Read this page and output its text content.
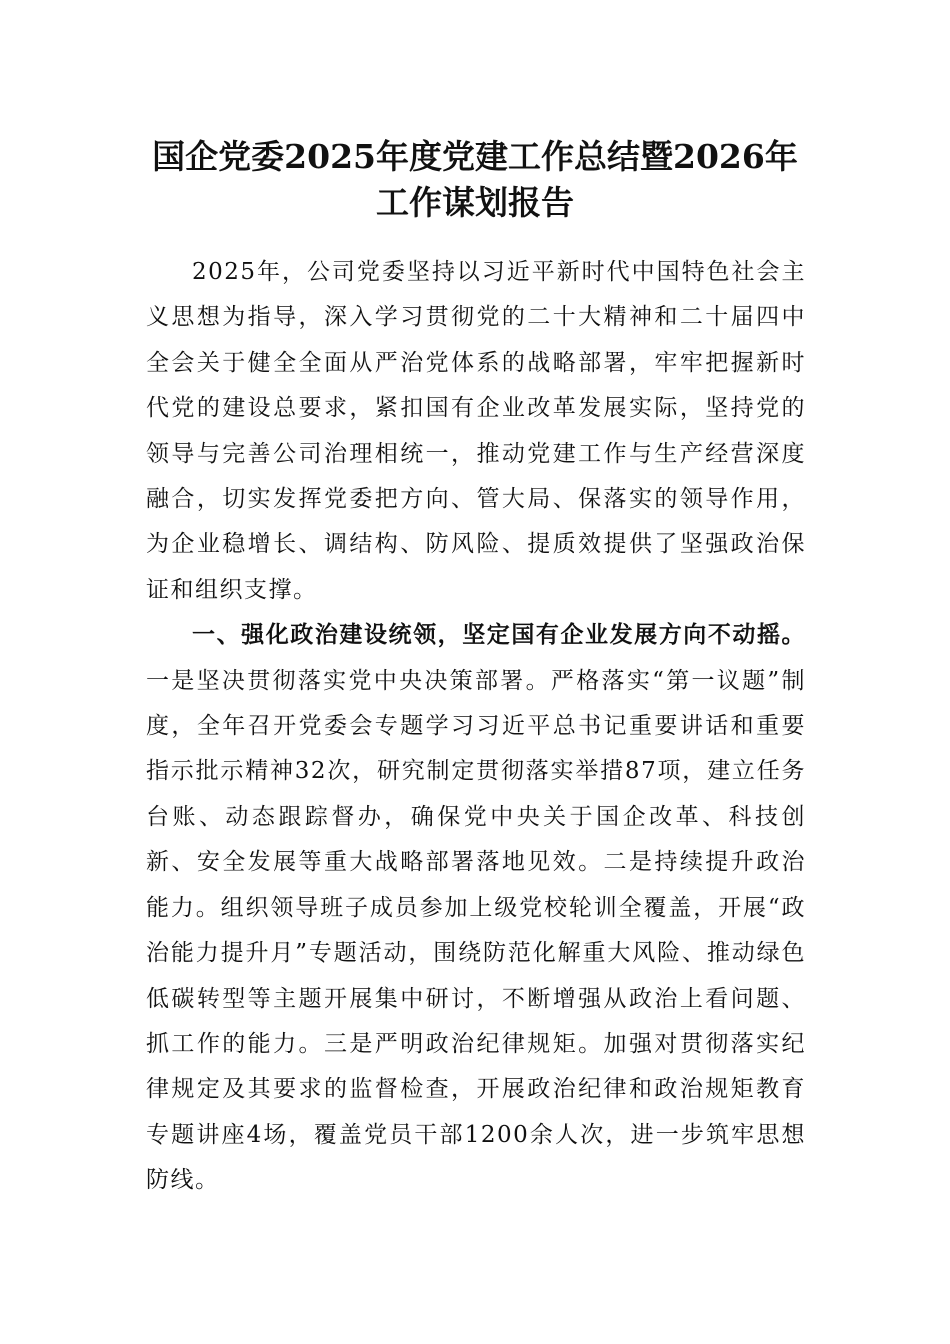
国企党委2025年度党建工作总结暨2026年
工作谋划报告

2025年，公司党委坚持以习近平新时代中国特色社会主义思想为指导，深入学习贯彻党的二十大精神和二十届四中全会关于健全全面从严治党体系的战略部署，牢牢把握新时代党的建设总要求，紧扣国有企业改革发展实际，坚持党的领导与完善公司治理相统一，推动党建工作与生产经营深度融合，切实发挥党委把方向、管大局、保落实的领导作用，为企业稳增长、调结构、防风险、提质效提供了坚强政治保证和组织支撑。

一、强化政治建设统领，坚定国有企业发展方向不动摇。一是坚决贯彻落实党中央决策部署。严格落实“第一议题”制度，全年召开党委会专题学习习近平总书记重要讲话和重要指示批示精神32次，研究制定贯彻落实举措87项，建立任务台账、动态跟踪督办，确保党中央关于国企改革、科技创新、安全发展等重大战略部署落地见效。二是持续提升政治能力。组织领导班子成员参加上级党校轮训全覆盖，开展“政治能力提升月”专题活动，围绕防范化解重大风险、推动绿色低碳转型等主题开展集中研讨，不断增强从政治上看问题、抓工作的能力。三是严明政治纪律规矩。加强对贯彻落实纪律规定及其要求的监督检查，开展政治纪律和政治规矩教育专题讲座4场，覆盖党员干部1200余人次，进一步筑牢思想防线。
